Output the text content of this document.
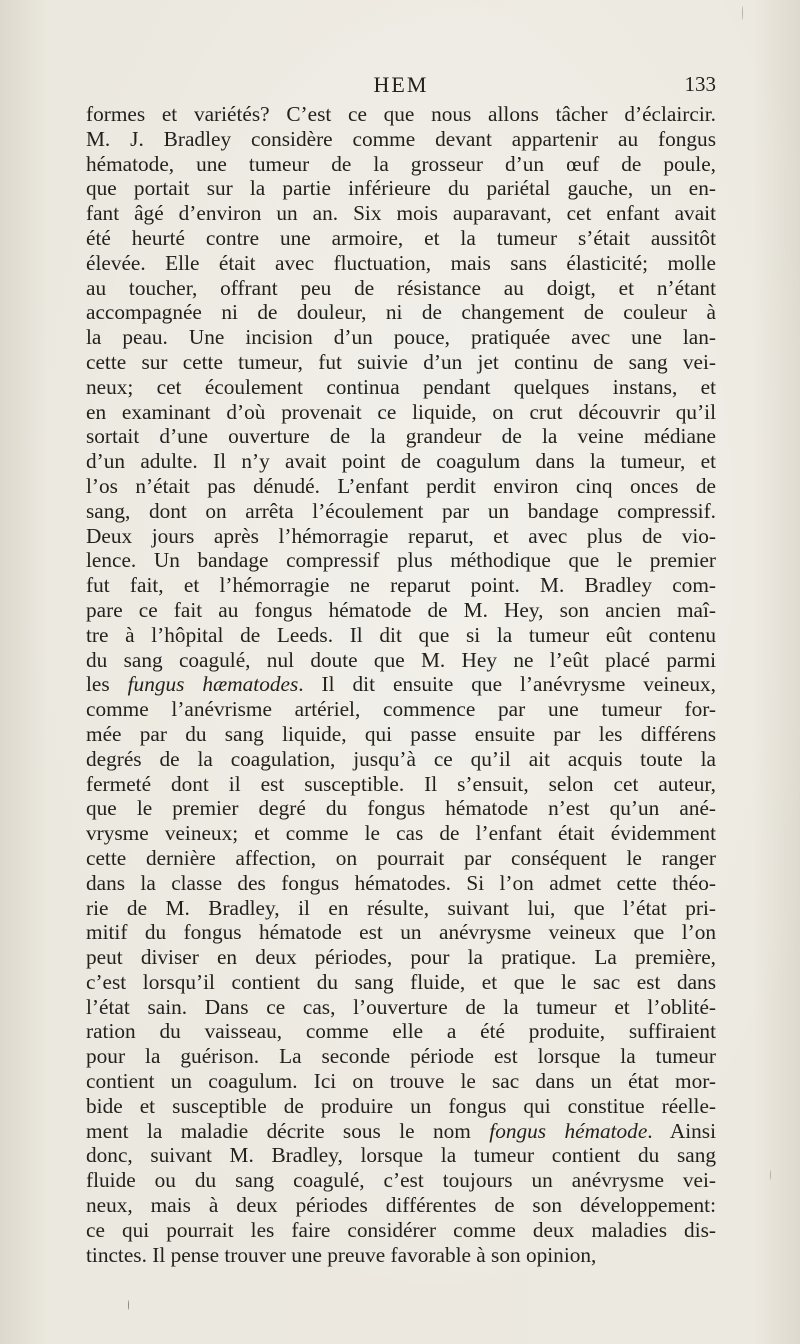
HEM	133
formes et variétés? C’est ce que nous allons tâcher d’éclaircir.
M. J. Bradley considère comme devant appartenir au fongus
hématode, une tumeur de la grosseur d’un œuf de poule,
que portait sur la partie inférieure du pariétal gauche, un en-
fant âgé d’environ un an. Six mois auparavant, cet enfant avait
été heurté contre une armoire, et la tumeur s’était aussitôt
élevée. Elle était avec fluctuation, mais sans élasticité; molle
au toucher, offrant peu de résistance au doigt, et n’étant
accompagnée ni de douleur, ni de changement de couleur à
la peau. Une incision d’un pouce, pratiquée avec une lan-
cette sur cette tumeur, fut suivie d’un jet continu de sang vei-
neux; cet écoulement continua pendant quelques instans, et
en examinant d’où provenait ce liquide, on crut découvrir qu’il
sortait d’une ouverture de la grandeur de la veine médiane
d’un adulte. Il n’y avait point de coagulum dans la tumeur, et
l’os n’était pas dénudé. L’enfant perdit environ cinq onces de
sang, dont on arrêta l’écoulement par un bandage compressif.
Deux jours après l’hémorragie reparut, et avec plus de vio-
lence. Un bandage compressif plus méthodique que le premier
fut fait, et l’hémorragie ne reparut point. M. Bradley com-
pare ce fait au fongus hématode de M. Hey, son ancien maî-
tre à l’hôpital de Leeds. Il dit que si la tumeur eût contenu
du sang coagulé, nul doute que M. Hey ne l’eût placé parmi
les fungus hæmatodes. Il dit ensuite que l’anévrysme veineux,
comme l’anévrisme artériel, commence par une tumeur for-
mée par du sang liquide, qui passe ensuite par les différens
degrés de la coagulation, jusqu’à ce qu’il ait acquis toute la
fermeté dont il est susceptible. Il s’ensuit, selon cet auteur,
que le premier degré du fongus hématode n’est qu’un ané-
vrysme veineux; et comme le cas de l’enfant était évidemment
cette dernière affection, on pourrait par conséquent le ranger
dans la classe des fongus hématodes. Si l’on admet cette théo-
rie de M. Bradley, il en résulte, suivant lui, que l’état pri-
mitif du fongus hématode est un anévrysme veineux que l’on
peut diviser en deux périodes, pour la pratique. La première,
c’est lorsqu’il contient du sang fluide, et que le sac est dans
l’état sain. Dans ce cas, l’ouverture de la tumeur et l’oblité-
ration du vaisseau, comme elle a été produite, suffiraient
pour la guérison. La seconde période est lorsque la tumeur
contient un coagulum. Ici on trouve le sac dans un état mor-
bide et susceptible de produire un fongus qui constitue réelle-
ment la maladie décrite sous le nom fongus hématode. Ainsi
donc, suivant M. Bradley, lorsque la tumeur contient du sang
fluide ou du sang coagulé, c’est toujours un anévrysme vei-
neux, mais à deux périodes différentes de son développement:
ce qui pourrait les faire considérer comme deux maladies dis-
tinctes. Il pense trouver une preuve favorable à son opinion,
